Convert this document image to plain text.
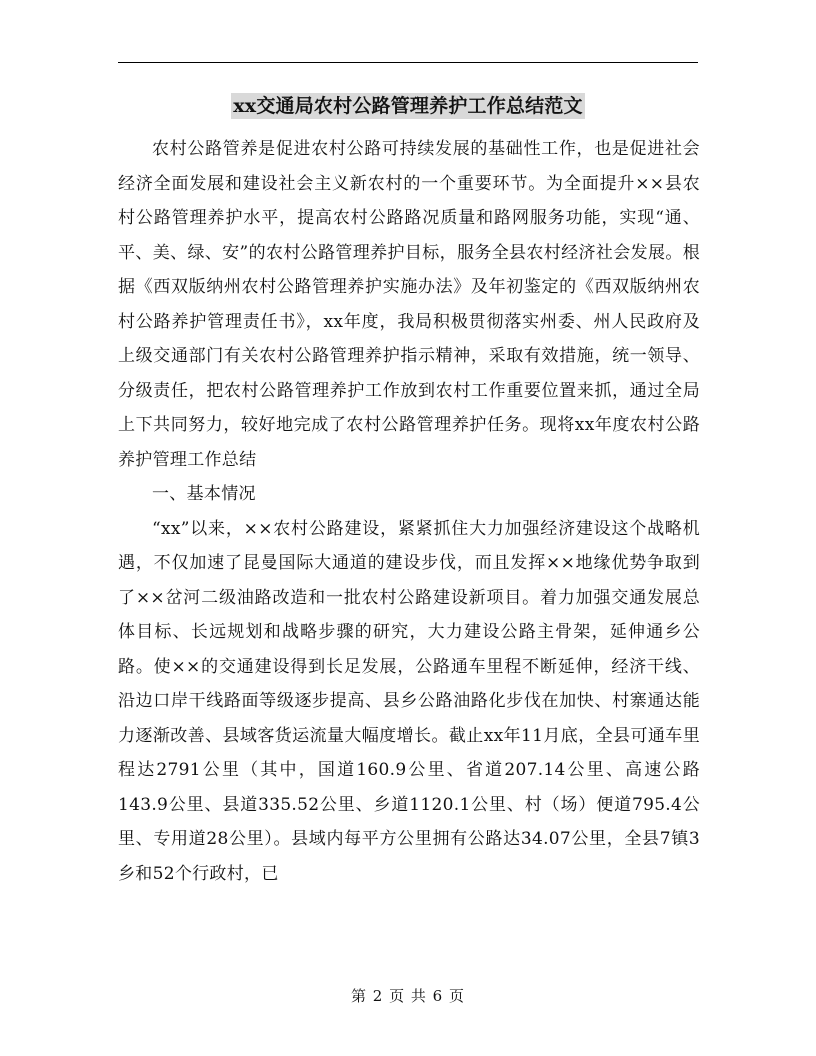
xx交通局农村公路管理养护工作总结范文

农村公路管养是促进农村公路可持续发展的基础性工作，也是促进社会经济全面发展和建设社会主义新农村的一个重要环节。为全面提升××县农村公路管理养护水平，提高农村公路路况质量和路网服务功能，实现“通、平、美、绿、安”的农村公路管理养护目标，服务全县农村经济社会发展。根据《西双版纳州农村公路管理养护实施办法》及年初鉴定的《西双版纳州农村公路养护管理责任书》，xx年度，我局积极贯彻落实州委、州人民政府及上级交通部门有关农村公路管理养护指示精神，采取有效措施，统一领导、分级责任，把农村公路管理养护工作放到农村工作重要位置来抓，通过全局上下共同努力，较好地完成了农村公路管理养护任务。现将xx年度农村公路养护管理工作总结

一、基本情况

“xx”以来，××农村公路建设，紧紧抓住大力加强经济建设这个战略机遇，不仅加速了昆曼国际大通道的建设步伐，而且发挥××地缘优势争取到了××岔河二级油路改造和一批农村公路建设新项目。着力加强交通发展总体目标、长远规划和战略步骤的研究，大力建设公路主骨架，延伸通乡公路。使××的交通建设得到长足发展，公路通车里程不断延伸，经济干线、沿边口岸干线路面等级逐步提高、县乡公路油路化步伐在加快、村寨通达能力逐渐改善、县域客货运流量大幅度增长。截止xx年11月底，全县可通车里程达2791公里（其中，国道160.9公里、省道207.14公里、高速公路143.9公里、县道335.52公里、乡道1120.1公里、村（场）便道795.4公里、专用道28公里）。县域内每平方公里拥有公路达34.07公里，全县7镇3乡和52个行政村，已

第 2 页 共 6 页
